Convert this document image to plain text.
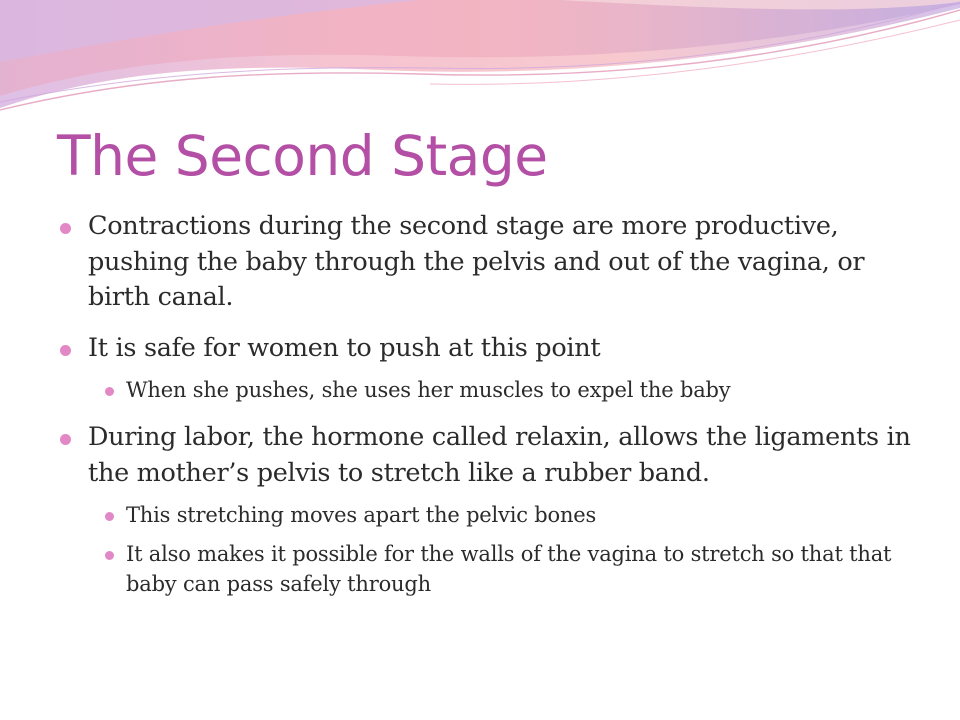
The Second Stage

Contractions during the second stage are more productive, pushing the baby through the pelvis and out of the vagina, or birth canal.

It is safe for women to push at this point

When she pushes, she uses her muscles to expel the baby

During labor, the hormone called relaxin, allows the ligaments in the mother’s pelvis to stretch like a rubber band.

This stretching moves apart the pelvic bones

It also makes it possible for the walls of the vagina to stretch so that that baby can pass safely through
